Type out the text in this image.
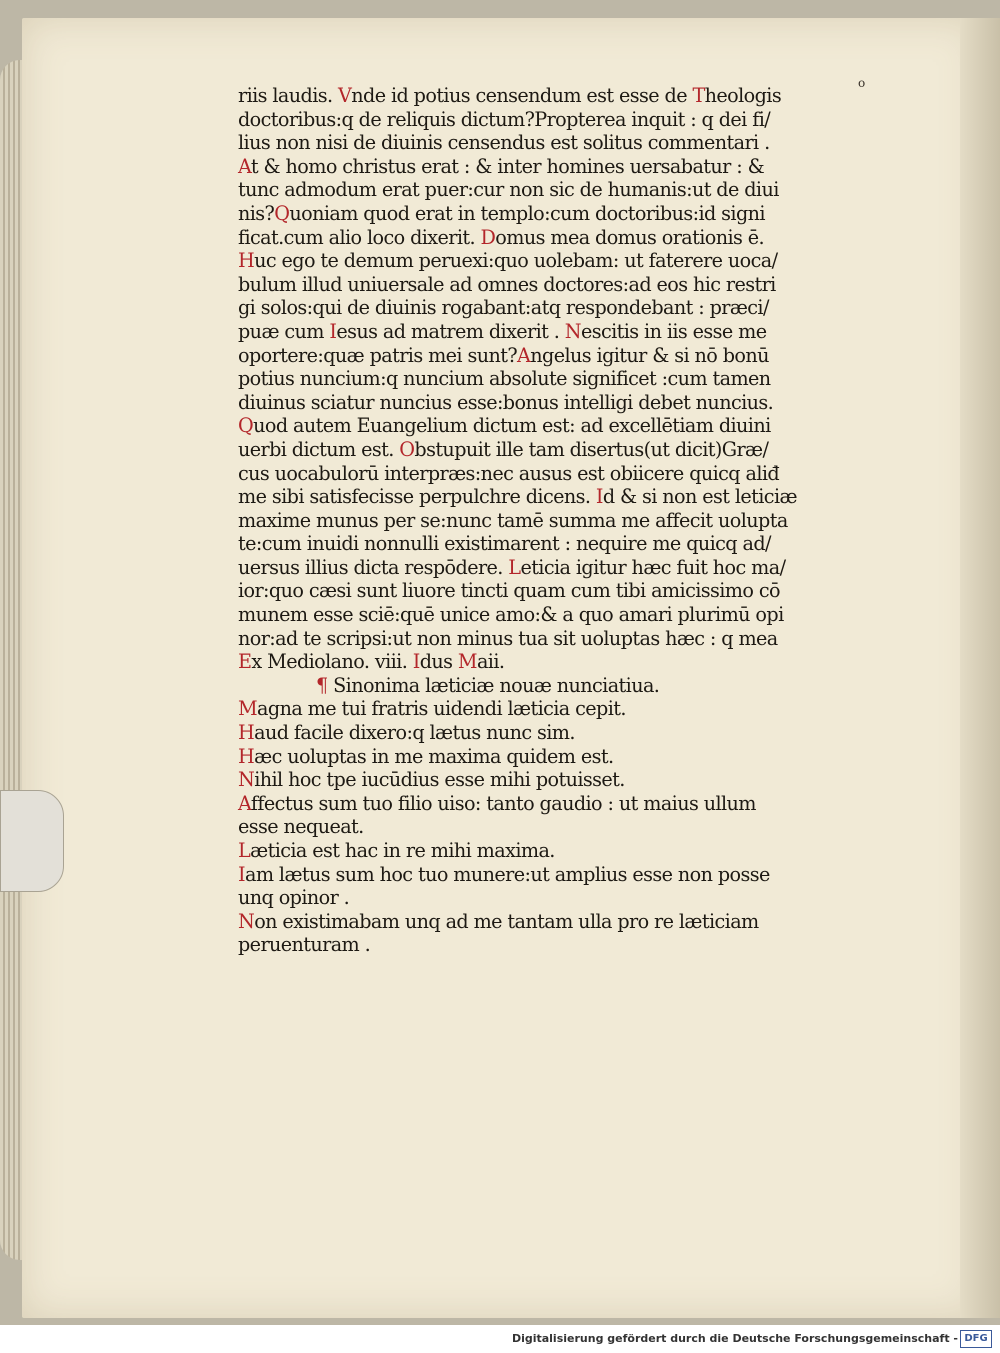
o
riis laudis. Vnde id potius censendum est esse de Theologis
doctoribus:q de reliquis dictum?Propterea inquit : q dei fi/
lius non nisi de diuinis censendus est solitus commentari .
At & homo christus erat : & inter homines uersabatur : &
tunc admodum erat puer:cur non sic de humanis:ut de diui
nis?Quoniam quod erat in templo:cum doctoribus:id signi
ficat.cum alio loco dixerit. Domus mea domus orationis ē.
Huc ego te demum peruexi:quo uolebam: ut faterere uoca/
bulum illud uniuersale ad omnes doctores:ad eos hic restri
gi solos:qui de diuinis rogabant:atq respondebant : præci/
puæ cum Iesus ad matrem dixerit . Nescitis in iis esse me
oportere:quæ patris mei sunt?Angelus igitur & si nō bonū
potius nuncium:q nuncium absolute significet :cum tamen
diuinus sciatur nuncius esse:bonus intelligi debet nuncius.
Quod autem Euangelium dictum est: ad excellētiam diuini
uerbi dictum est. Obstupuit ille tam disertus(ut dicit)Græ/
cus uocabulorū interpræs:nec ausus est obiicere quicq aliđ
me sibi satisfecisse perpulchre dicens. Id & si non est leticiæ
maxime munus per se:nunc tamē summa me affecit uolupta
te:cum inuidi nonnulli existimarent : nequire me quicq ad/
uersus illius dicta respōdere. Leticia igitur hæc fuit hoc ma/
ior:quo cæsi sunt liuore tincti quam cum tibi amicissimo cō
munem esse sciē:quē unice amo:& a quo amari plurimū opi
nor:ad te scripsi:ut non minus tua sit uoluptas hæc : q mea
Ex Mediolano. viii. Idus Maii.
¶ Sinonima læticiæ nouæ nunciatiua.
Magna me tui fratris uidendi læticia cepit.
Haud facile dixero:q lætus nunc sim.
Hæc uoluptas in me maxima quidem est.
Nihil hoc tpe iucūdius esse mihi potuisset.
Affectus sum tuo filio uiso: tanto gaudio : ut maius ullum
esse nequeat.
Læticia est hac in re mihi maxima.
Iam lætus sum hoc tuo munere:ut amplius esse non posse
unq opinor .
Non existimabam unq ad me tantam ulla pro re læticiam
peruenturam .
Digitalisierung gefördert durch die Deutsche Forschungsgemeinschaft - DFG
